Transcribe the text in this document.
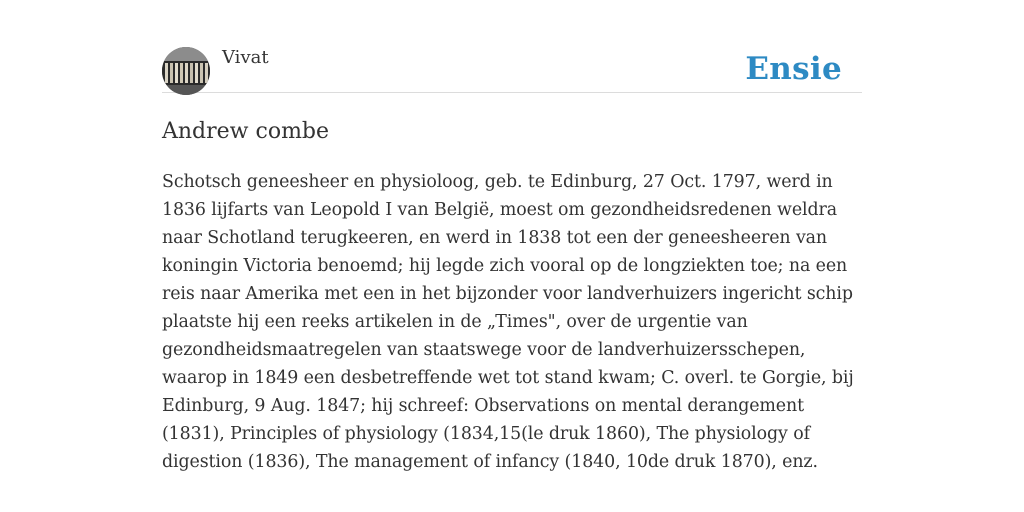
Vivat	Ensie
Andrew combe

Schotsch geneesheer en physioloog, geb. te Edinburg, 27 Oct. 1797, werd in 1836 lijfarts van Leopold I van België, moest om gezondheidsredenen weldra naar Schotland terugkeeren, en werd in 1838 tot een der geneesheeren van koningin Victoria benoemd; hij legde zich vooral op de longziekten toe; na een reis naar Amerika met een in het bijzonder voor landverhuizers ingericht schip plaatste hij een reeks artikelen in de „Times", over de urgentie van gezondheidsmaatregelen van staatswege voor de landverhuizersschepen, waarop in 1849 een desbetreffende wet tot stand kwam; C. overl. te Gorgie, bij Edinburg, 9 Aug. 1847; hij schreef: Observations on mental derangement (1831), Principles of physiology (1834,15(le druk 1860), The physiology of digestion (1836), The management of infancy (1840, 10de druk 1870), enz.
